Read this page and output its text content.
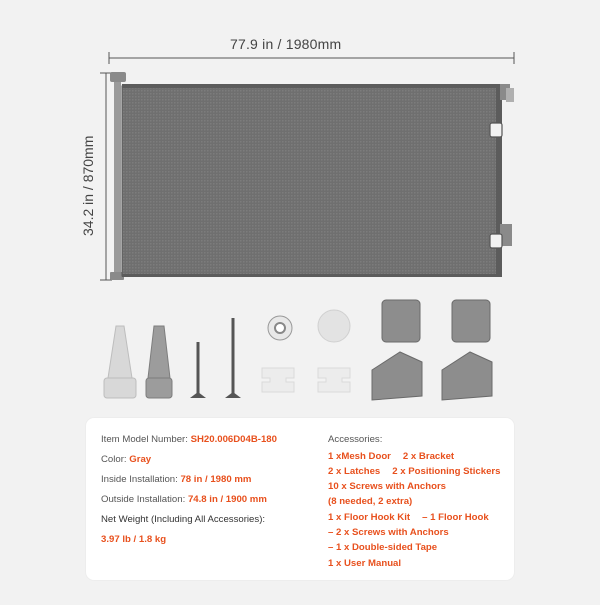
77.9 in / 1980mm
34.2 in / 870mm
Item Model Number: SH20.006D04B-180
Color: Gray
Inside Installation: 78 in / 1980 mm
Outside Installation: 74.8 in / 1900 mm
Net Weight (Including All Accessories):
3.97 lb / 1.8 kg
Accessories:
1 xMesh Door 2 x Bracket
2 x Latches 2 x Positioning Stickers
10 x Screws with Anchors
(8 needed, 2 extra)
1 x Floor Hook Kit – 1 Floor Hook
– 2 x Screws with Anchors
– 1 x Double-sided Tape
1 x User Manual
